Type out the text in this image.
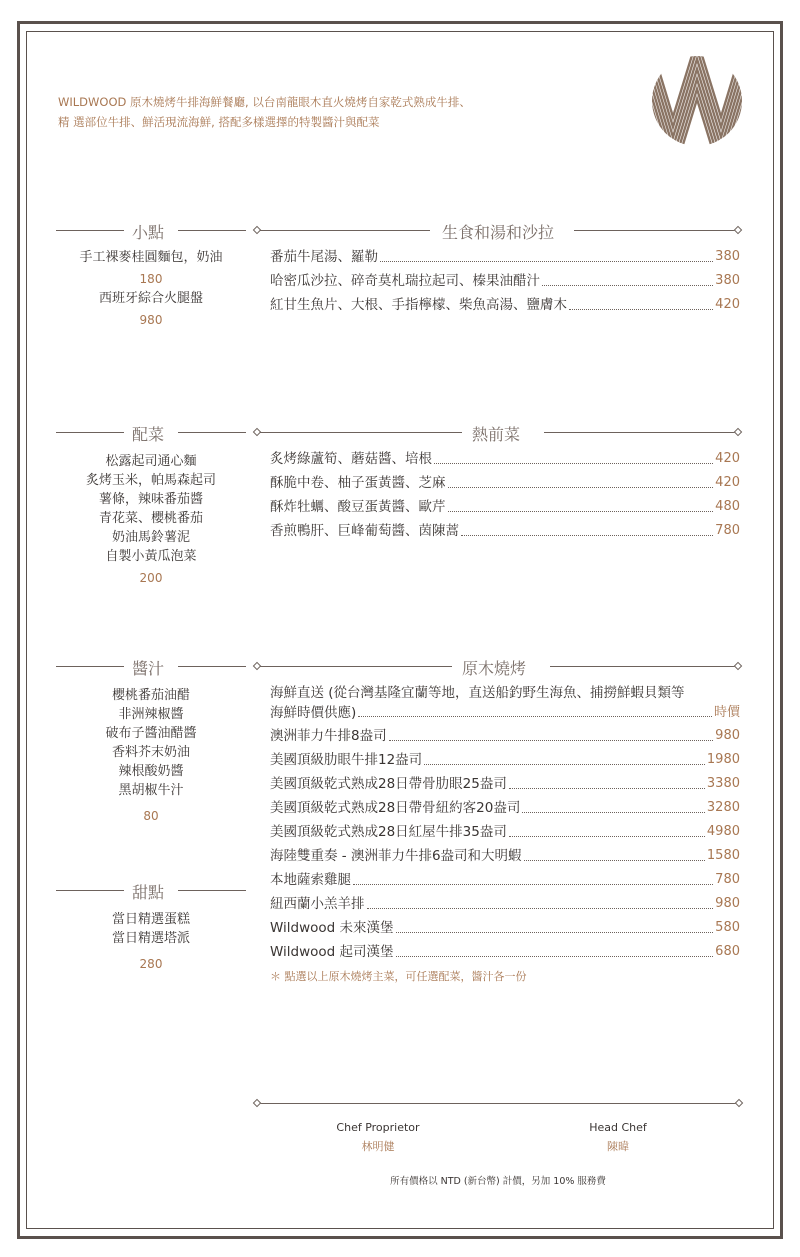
WILDWOOD 原木燒烤牛排海鮮餐廳, 以台南龍眼木直火燒烤自家乾式熟成牛排、
精 選部位牛排、鮮活現流海鮮, 搭配多樣選擇的特製醬汁與配菜
小點
手工裸麥桂圓麵包，奶油
180
西班牙綜合火腿盤
980
生食和湯和沙拉
番茄牛尾湯、羅勒	380
哈密瓜沙拉、碎奇莫札瑞拉起司、榛果油醋汁	380
紅甘生魚片、大根、手指檸檬、柴魚高湯、鹽膚木	420
配菜
松露起司通心麵
炙烤玉米，帕馬森起司
薯條，辣味番茄醬
青花菜、櫻桃番茄
奶油馬鈴薯泥
自製小黃瓜泡菜
200
熱前菜
炙烤綠蘆筍、蘑菇醬、培根	420
酥脆中卷、柚子蛋黃醬、芝麻	420
酥炸牡蠣、酸豆蛋黃醬、歐芹	480
香煎鴨肝、巨峰葡萄醬、茵陳蒿	780
醬汁
櫻桃番茄油醋
非洲辣椒醬
破布子醬油醋醬
香料芥末奶油
辣根酸奶醬
黑胡椒牛汁
80
原木燒烤
海鮮直送 (從台灣基隆宜蘭等地，直送船釣野生海魚、捕撈鮮蝦貝類等
海鮮時價供應)	時價
澳洲菲力牛排8盎司	980
美國頂級肋眼牛排12盎司	1980
美國頂級乾式熟成28日帶骨肋眼25盎司	3380
美國頂級乾式熟成28日帶骨紐約客20盎司	3280
美國頂級乾式熟成28日紅屋牛排35盎司	4980
海陸雙重奏 - 澳洲菲力牛排6盎司和大明蝦	1580
本地薩索雞腿	780
紐西蘭小羔羊排	980
Wildwood 未來漢堡	580
Wildwood 起司漢堡	680
＊ 點選以上原木燒烤主菜，可任選配菜，醬汁各一份
甜點
當日精選蛋糕
當日精選塔派
280
Chef Proprietor
林明健
Head Chef
陳暐
所有價格以 NTD (新台幣) 計價，另加 10% 服務費
